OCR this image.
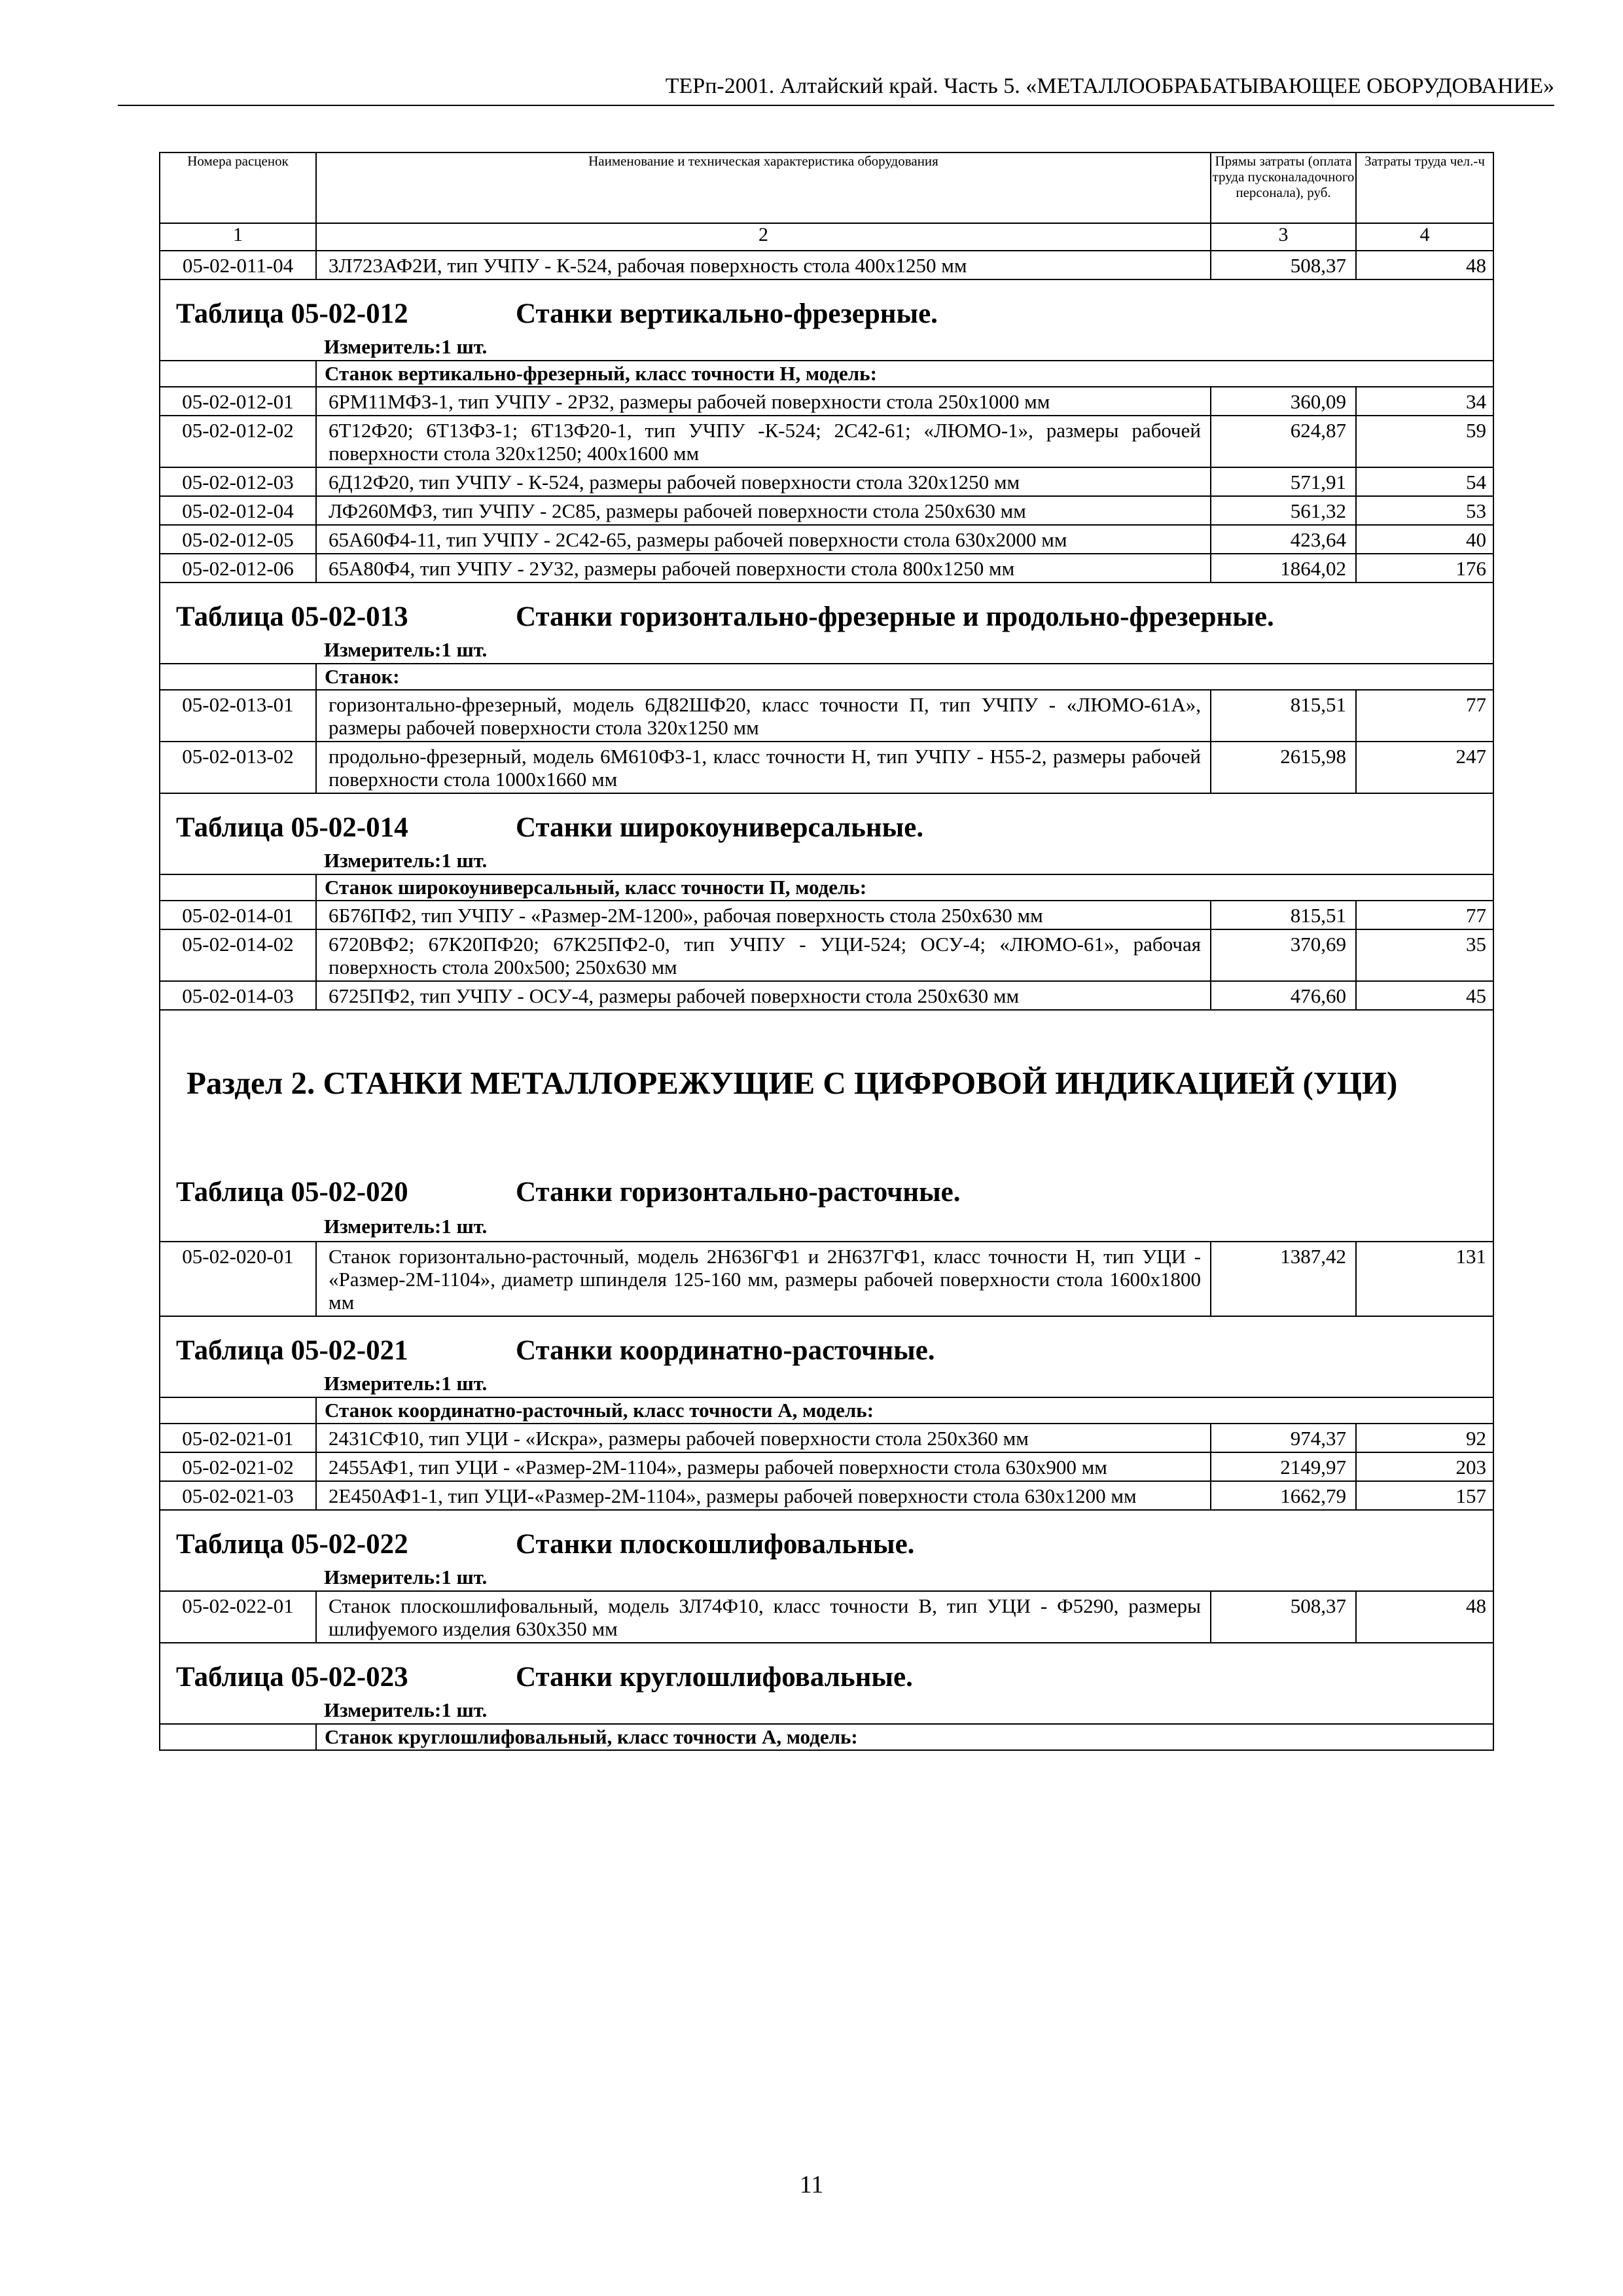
ТЕРп-2001. Алтайский край. Часть 5. «МЕТАЛЛООБРАБАТЫВАЮЩЕЕ ОБОРУДОВАНИЕ»
Номера расценок	Наименование и техническая характеристика оборудования	Прямы затраты (оплата труда пусконаладочного персонала), руб.	Затраты труда чел.-ч
1	2	3	4
05-02-011-04	3Л723АФ2И, тип УЧПУ - К-524, рабочая поверхность стола 400х1250 мм	508,37	48

Таблица 05-02-012 Станки вертикально-фрезерные.
Измеритель:1 шт.			

	Станок вертикально-фрезерный, класс точности Н, модель:		
05-02-012-01	6РМ11МФЗ-1, тип УЧПУ - 2Р32, размеры рабочей поверхности стола 250х1000 мм	360,09	34
05-02-012-02	6Т12Ф20; 6Т13ФЗ-1; 6Т13Ф20-1, тип УЧПУ -К-524; 2С42-61; «ЛЮМО-1», размеры рабочей поверхности стола 320х1250; 400х1600 мм	624,87	59
05-02-012-03	6Д12Ф20, тип УЧПУ - К-524, размеры рабочей поверхности стола 320х1250 мм	571,91	54
05-02-012-04	ЛФ260МФЗ, тип УЧПУ - 2С85, размеры рабочей поверхности стола 250х630 мм	561,32	53
05-02-012-05	65А60Ф4-11, тип УЧПУ - 2С42-65, размеры рабочей поверхности стола 630х2000 мм	423,64	40
05-02-012-06	65А80Ф4, тип УЧПУ - 2У32, размеры рабочей поверхности стола 800х1250 мм	1864,02	176

Таблица 05-02-013 Станки горизонтально-фрезерные и продольно-фрезерные.
Измеритель:1 шт.			

	Станок:		
05-02-013-01	горизонтально-фрезерный, модель 6Д82ШФ20, класс точности П, тип УЧПУ - «ЛЮМО-61А», размеры рабочей поверхности стола 320х1250 мм	815,51	77
05-02-013-02	продольно-фрезерный, модель 6М610ФЗ-1, класс точности Н, тип УЧПУ - Н55-2, размеры рабочей поверхности стола 1000х1660 мм	2615,98	247

Таблица 05-02-014 Станки широкоуниверсальные.
Измеритель:1 шт.			

	Станок широкоуниверсальный, класс точности П, модель:		
05-02-014-01	6Б76ПФ2, тип УЧПУ - «Размер-2М-1200», рабочая поверхность стола 250х630 мм	815,51	77
05-02-014-02	6720ВФ2; 67К20ПФ20; 67К25ПФ2-0, тип УЧПУ - УЦИ-524; ОСУ-4; «ЛЮМО-61», рабочая поверхность стола 200х500; 250х630 мм	370,69	35
05-02-014-03	6725ПФ2, тип УЧПУ - ОСУ-4, размеры рабочей поверхности стола 250х630 мм	476,60	45

Раздел 2. СТАНКИ МЕТАЛЛОРЕЖУЩИЕ С ЦИФРОВОЙ ИНДИКАЦИЕЙ (УЦИ)
Таблица 05-02-020 Станки горизонтально-расточные.
Измеритель:1 шт.			

05-02-020-01	Станок горизонтально-расточный, модель 2Н636ГФ1 и 2Н637ГФ1, класс точности Н, тип УЦИ - «Размер-2М-1104», диаметр шпинделя 125-160 мм, размеры рабочей поверхности стола 1600х1800 мм	1387,42	131

Таблица 05-02-021 Станки координатно-расточные.
Измеритель:1 шт.			

	Станок координатно-расточный, класс точности А, модель:		
05-02-021-01	2431СФ10, тип УЦИ - «Искра», размеры рабочей поверхности стола 250х360 мм	974,37	92
05-02-021-02	2455АФ1, тип УЦИ - «Размер-2М-1104», размеры рабочей поверхности стола 630х900 мм	2149,97	203
05-02-021-03	2Е450АФ1-1, тип УЦИ-«Размер-2М-1104», размеры рабочей поверхности стола 630х1200 мм	1662,79	157

Таблица 05-02-022 Станки плоскошлифовальные.
Измеритель:1 шт.			

05-02-022-01	Станок плоскошлифовальный, модель ЗЛ74Ф10, класс точности В, тип УЦИ - Ф5290, размеры шлифуемого изделия 630х350 мм	508,37	48

Таблица 05-02-023 Станки круглошлифовальные.
Измеритель:1 шт.			

	Станок круглошлифовальный, класс точности А, модель:		
11
